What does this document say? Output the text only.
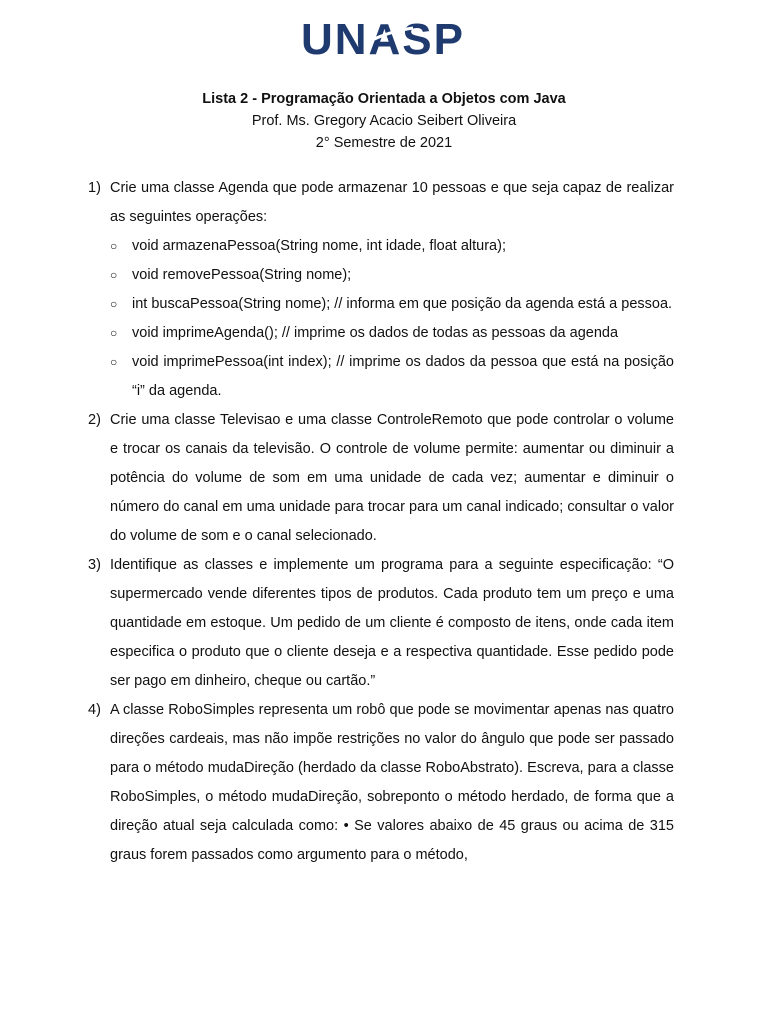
UNASP
Lista 2 - Programação Orientada a Objetos com Java
Prof. Ms. Gregory Acacio Seibert Oliveira
2° Semestre de 2021
1) Crie uma classe Agenda que pode armazenar 10 pessoas e que seja capaz de realizar as seguintes operações:

○	void armazenaPessoa(String nome, int idade, float altura);
○	void removePessoa(String nome);
○	int buscaPessoa(String nome); // informa em que posição da agenda está a pessoa.
○	void imprimeAgenda(); // imprime os dados de todas as pessoas da agenda
○	void imprimePessoa(int index); // imprime os dados da pessoa que está na posição “i” da agenda.
2) Crie uma classe Televisao e uma classe ControleRemoto que pode controlar o volume e trocar os canais da televisão. O controle de volume permite: aumentar ou diminuir a potência do volume de som em uma unidade de cada vez; aumentar e diminuir o número do canal em uma unidade para trocar para um canal indicado; consultar o valor do volume de som e o canal selecionado.

3) Identifique as classes e implemente um programa para a seguinte especificação: “O supermercado vende diferentes tipos de produtos. Cada produto tem um preço e uma quantidade em estoque. Um pedido de um cliente é composto de itens, onde cada item especifica o produto que o cliente deseja e a respectiva quantidade. Esse pedido pode ser pago em dinheiro, cheque ou cartão.”

4) A classe RoboSimples representa um robô que pode se movimentar apenas nas quatro direções cardeais, mas não impõe restrições no valor do ângulo que pode ser passado para o método mudaDireção (herdado da classe RoboAbstrato). Escreva, para a classe RoboSimples, o método mudaDireção, sobreponto o método herdado, de forma que a direção atual seja calculada como: • Se valores abaixo de 45 graus ou acima de 315 graus forem passados como argumento para o método,
